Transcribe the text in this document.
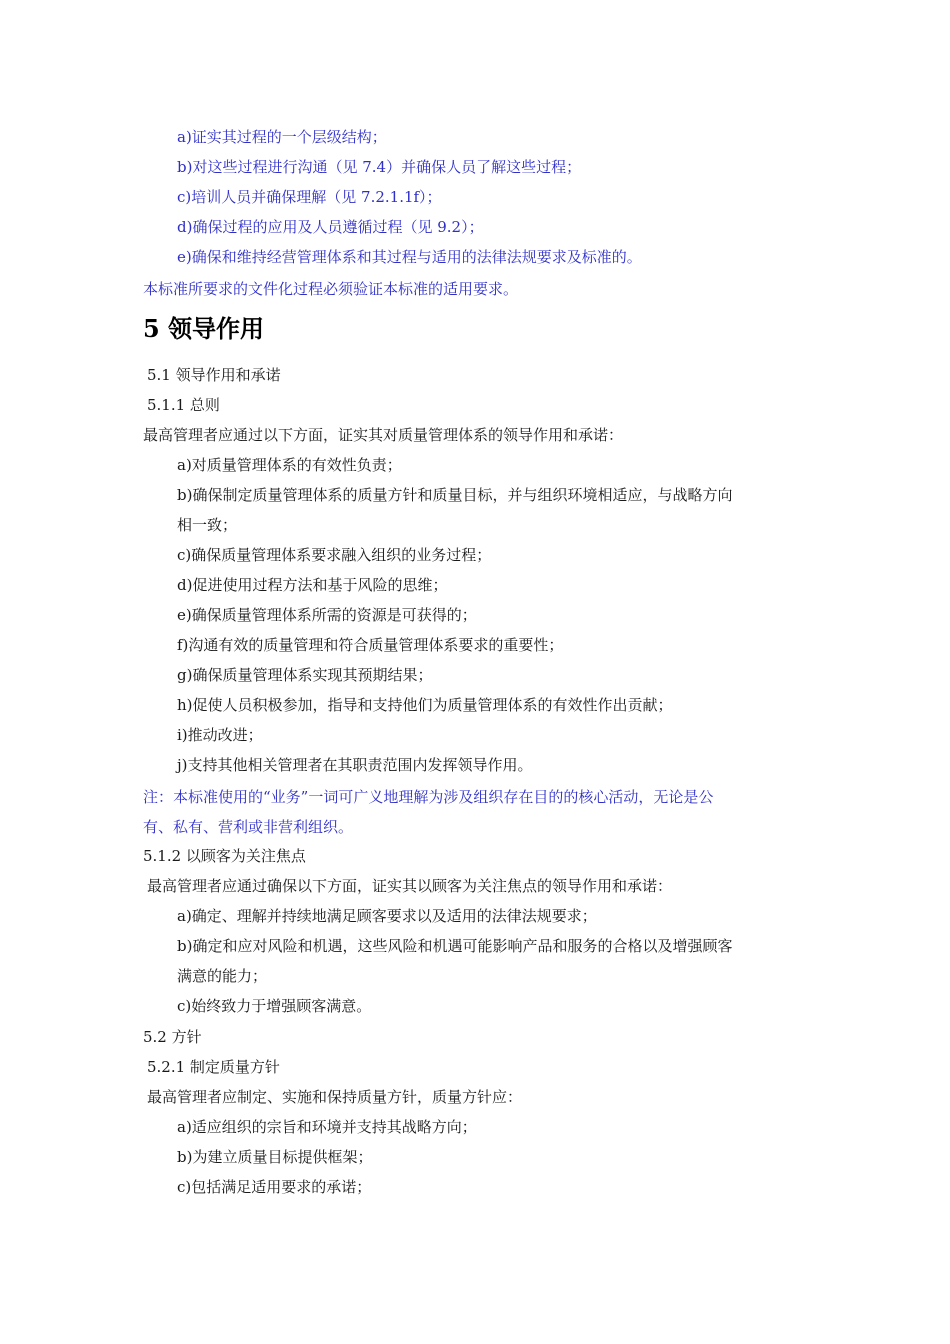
a)证实其过程的一个层级结构；
b)对这些过程进行沟通（见 7.4）并确保人员了解这些过程；
c)培训人员并确保理解（见 7.2.1.1f）；
d)确保过程的应用及人员遵循过程（见 9.2）；
e)确保和维持经营管理体系和其过程与适用的法律法规要求及标准的。
本标准所要求的文件化过程必须验证本标准的适用要求。
5 领导作用
5.1 领导作用和承诺
5.1.1 总则
最高管理者应通过以下方面，证实其对质量管理体系的领导作用和承诺：
a)对质量管理体系的有效性负责；
b)确保制定质量管理体系的质量方针和质量目标，并与组织环境相适应，与战略方向
相一致；
c)确保质量管理体系要求融入组织的业务过程；
d)促进使用过程方法和基于风险的思维；
e)确保质量管理体系所需的资源是可获得的；
f)沟通有效的质量管理和符合质量管理体系要求的重要性；
g)确保质量管理体系实现其预期结果；
h)促使人员积极参加，指导和支持他们为质量管理体系的有效性作出贡献；
i)推动改进；
j)支持其他相关管理者在其职责范围内发挥领导作用。
注：本标准使用的“业务”一词可广义地理解为涉及组织存在目的的核心活动，无论是公
有、私有、营利或非营利组织。
5.1.2 以顾客为关注焦点
最高管理者应通过确保以下方面，证实其以顾客为关注焦点的领导作用和承诺：
a)确定、理解并持续地满足顾客要求以及适用的法律法规要求；
b)确定和应对风险和机遇，这些风险和机遇可能影响产品和服务的合格以及增强顾客
满意的能力；
c)始终致力于增强顾客满意。
5.2 方针
5.2.1 制定质量方针
最高管理者应制定、实施和保持质量方针，质量方针应：
a)适应组织的宗旨和环境并支持其战略方向；
b)为建立质量目标提供框架；
c)包括满足适用要求的承诺；
